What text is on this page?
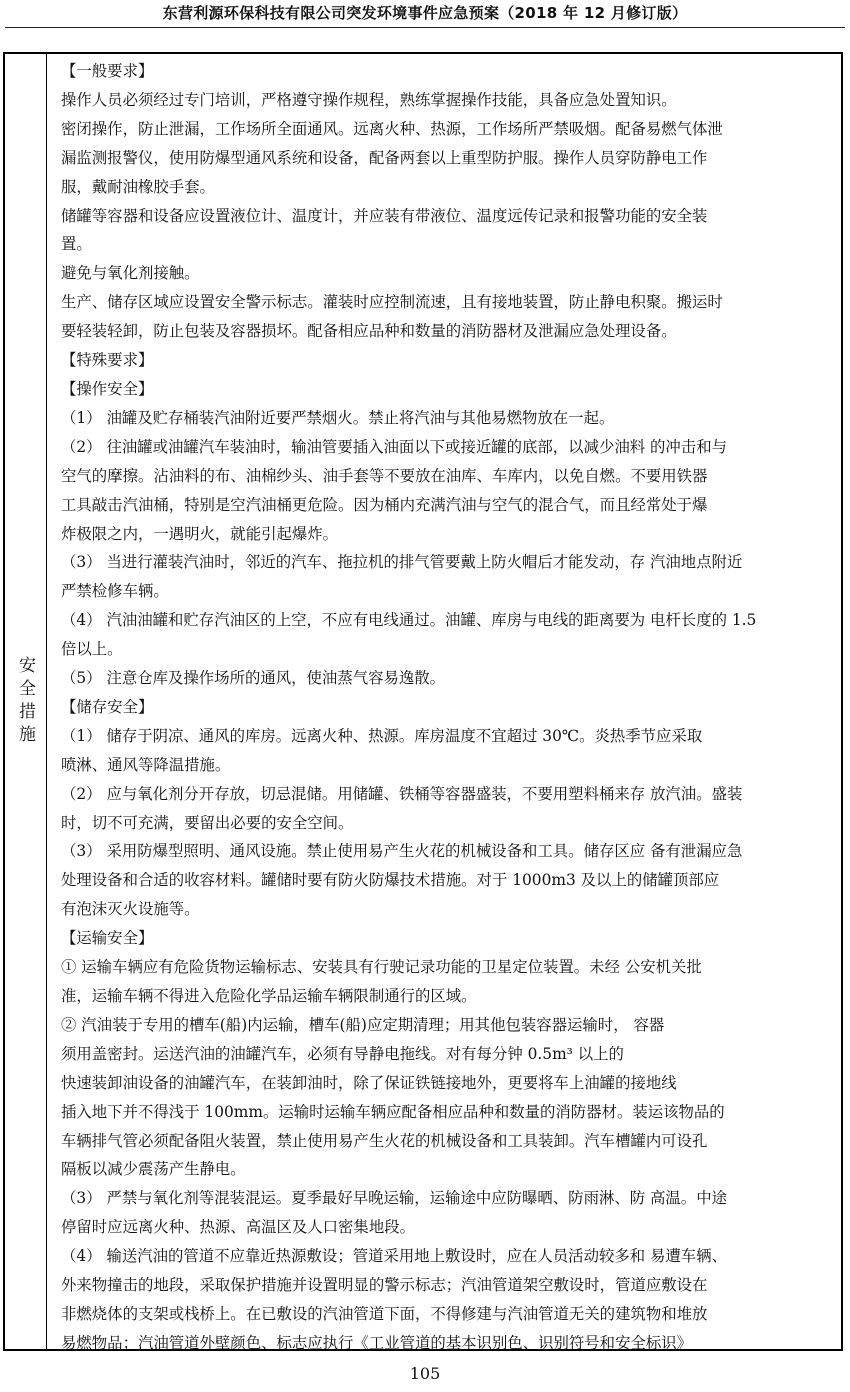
东营利源环保科技有限公司突发环境事件应急预案（2018 年 12 月修订版）
安全措施

【一般要求】

操作人员必须经过专门培训，严格遵守操作规程，熟练掌握操作技能，具备应急处置知识。

密闭操作，防止泄漏，工作场所全面通风。远离火种、热源，工作场所严禁吸烟。配备易燃气体泄

漏监测报警仪，使用防爆型通风系统和设备，配备两套以上重型防护服。操作人员穿防静电工作

服，戴耐油橡胶手套。

储罐等容器和设备应设置液位计、温度计，并应装有带液位、温度远传记录和报警功能的安全装

置。

避免与氧化剂接触。

生产、储存区域应设置安全警示标志。灌装时应控制流速，且有接地装置，防止静电积聚。搬运时

要轻装轻卸，防止包装及容器损坏。配备相应品种和数量的消防器材及泄漏应急处理设备。

【特殊要求】

【操作安全】

（1） 油罐及贮存桶装汽油附近要严禁烟火。禁止将汽油与其他易燃物放在一起。

（2） 往油罐或油罐汽车装油时，输油管要插入油面以下或接近罐的底部，以减少油料 的冲击和与

空气的摩擦。沾油料的布、油棉纱头、油手套等不要放在油库、车库内，以免自燃。不要用铁器

工具敲击汽油桶，特别是空汽油桶更危险。因为桶内充满汽油与空气的混合气，而且经常处于爆

炸极限之内，一遇明火，就能引起爆炸。

（3） 当进行灌装汽油时，邻近的汽车、拖拉机的排气管要戴上防火帽后才能发动，存 汽油地点附近

严禁检修车辆。

（4） 汽油油罐和贮存汽油区的上空，不应有电线通过。油罐、库房与电线的距离要为 电杆长度的 1.5

倍以上。

（5） 注意仓库及操作场所的通风，使油蒸气容易逸散。

【储存安全】

（1） 储存于阴凉、通风的库房。远离火种、热源。库房温度不宜超过 30℃。炎热季节应采取

喷淋、通风等降温措施。

（2） 应与氧化剂分开存放，切忌混储。用储罐、铁桶等容器盛装，不要用塑料桶来存 放汽油。盛装

时，切不可充满，要留出必要的安全空间。

（3） 采用防爆型照明、通风设施。禁止使用易产生火花的机械设备和工具。储存区应 备有泄漏应急

处理设备和合适的收容材料。罐储时要有防火防爆技术措施。对于 1000m3 及以上的储罐顶部应

有泡沫灭火设施等。

【运输安全】

① 运输车辆应有危险货物运输标志、安装具有行驶记录功能的卫星定位装置。未经 公安机关批

准，运输车辆不得进入危险化学品运输车辆限制通行的区域。

② 汽油装于专用的槽车(船)内运输，槽车(船)应定期清理；用其他包装容器运输时， 容器

须用盖密封。运送汽油的油罐汽车，必须有导静电拖线。对有每分钟 0.5m³ 以上的

快速装卸油设备的油罐汽车，在装卸油时，除了保证铁链接地外，更要将车上油罐的接地线

插入地下并不得浅于 100mm。运输时运输车辆应配备相应品种和数量的消防器材。装运该物品的

车辆排气管必须配备阻火装置，禁止使用易产生火花的机械设备和工具装卸。汽车槽罐内可设孔

隔板以减少震荡产生静电。

（3） 严禁与氧化剂等混装混运。夏季最好早晚运输，运输途中应防曝晒、防雨淋、防 高温。中途

停留时应远离火种、热源、高温区及人口密集地段。

（4） 输送汽油的管道不应靠近热源敷设；管道采用地上敷设时，应在人员活动较多和 易遭车辆、

外来物撞击的地段，采取保护措施并设置明显的警示标志；汽油管道架空敷设时，管道应敷设在

非燃烧体的支架或栈桥上。在已敷设的汽油管道下面，不得修建与汽油管道无关的建筑物和堆放

易燃物品；汽油管道外壁颜色、标志应执行《工业管道的基本识别色、识别符号和安全标识》

105
